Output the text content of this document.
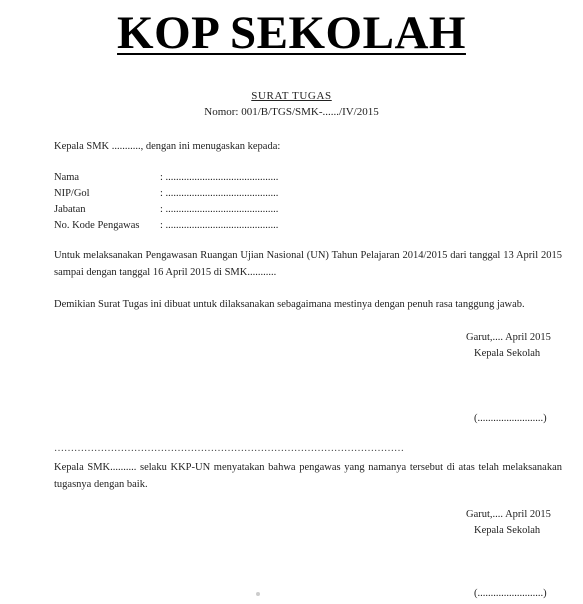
KOP SEKOLAH
SURAT TUGAS
Nomor: 001/B/TGS/SMK-....../IV/2015
Kepala SMK ..........., dengan ini menugaskan kepada:
Nama	: ...........................................
NIP/Gol	: ...........................................
Jabatan	: ...........................................
No. Kode Pengawas : ...........................................
Untuk melaksanakan Pengawasan Ruangan Ujian Nasional (UN) Tahun Pelajaran 2014/2015 dari tanggal 13 April 2015 sampai dengan tanggal 16 April 2015 di SMK...........
Demikian Surat Tugas ini dibuat untuk dilaksanakan sebagaimana mestinya dengan penuh rasa tanggung jawab.
Garut,.... April 2015
Kepala Sekolah
(.........................)
……………………………………………………………………………………………
Kepala SMK.......... selaku KKP-UN menyatakan bahwa pengawas yang namanya tersebut di atas telah melaksanakan tugasnya dengan baik.
Garut,.... April 2015
Kepala Sekolah
(.........................)
